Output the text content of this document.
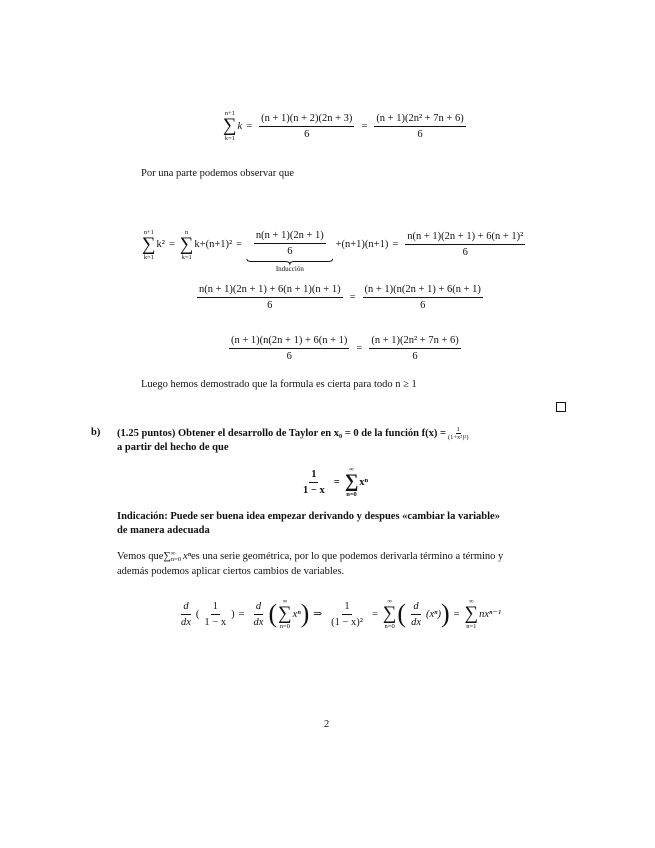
n+1
∑
k=1
$k = \frac{(n + 1)(n + 2)(2n + 3)}{6} = \frac{\text{(n + 1)(2n² + 7n + 6)}}{6}$
Por una parte podemos observar que
n+1
∑
k=1
k² =
n
∑
k=1
$k+(n+1)^2 = \frac{n(n + 1)(2n + 1)}{6}$
Inducción
$+(n+1)(n+1) = \frac{\text{n(n + 1)(2n + 1) + 6(n + 1)²}}{6}$
$\frac{n(n + 1)(2n + 1) + 6(n + 1)(n + 1)}{6} = \frac{(n + 1)(n(2n + 1) + 6(n + 1)}{6}$
$\frac{(n + 1)(n(2n + 1) + 6(n + 1)}{6} = \frac{\text{(n + 1)(2n² + 7n + 6)}}{6}$
Luego hemos demostrado que la formula es cierta para todo n ≥ 1
b) (1.25 puntos) Obtener el desarrollo de Taylor en x₀ = 0 de la función $f(x) = \frac{1}{\text{(1+x²)²)}}$
a partir del hecho de que
$\frac{1}{1 - x}$ =
∞
∑
n=0
xⁿ
Indicación: Puede ser buena idea empezar derivando y despues «cambiar la variable»
de manera adecuada
Vemos que ∑ ∞
n=0 xⁿ es una serie geométrica, por lo que podemos derivarla término a término y
además podemos aplicar ciertos cambios de variables.
$\frac{d}{dx}$ ( $\frac{1}{1 - x}$ ) = $\frac{d}{dx}$ ( ∞
∑
n=0
xⁿ ) ⇒ $\frac{1}{\text{(1 − x)²}}$ =
∞
∑
n=0 ( $\frac{d}{dx} (x^n)$ ) =
∞
∑
n=1
nxⁿ⁻¹
2
